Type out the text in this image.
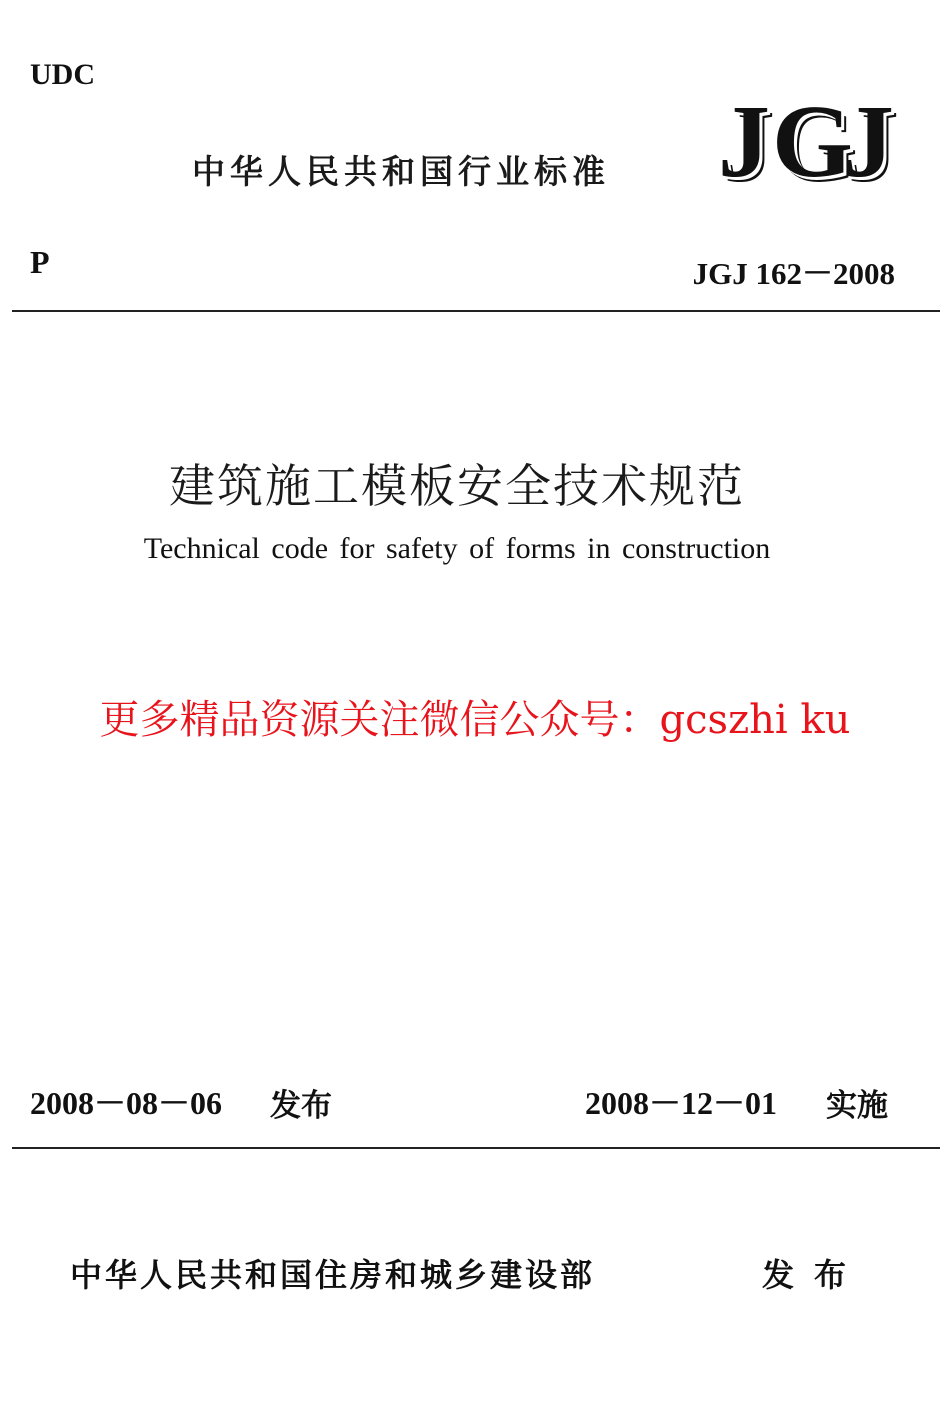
UDC
中华人民共和国行业标准 J G
J
P	JGJ 162－2008
建筑施工模板安全技术规范
Technical code for safety of forms in construction
更多精品资源关注微信公众号：gcszhi ku
2008－08－06 发布	2008－12－01 实施
中华人民共和国住房和城乡建设部	发布
